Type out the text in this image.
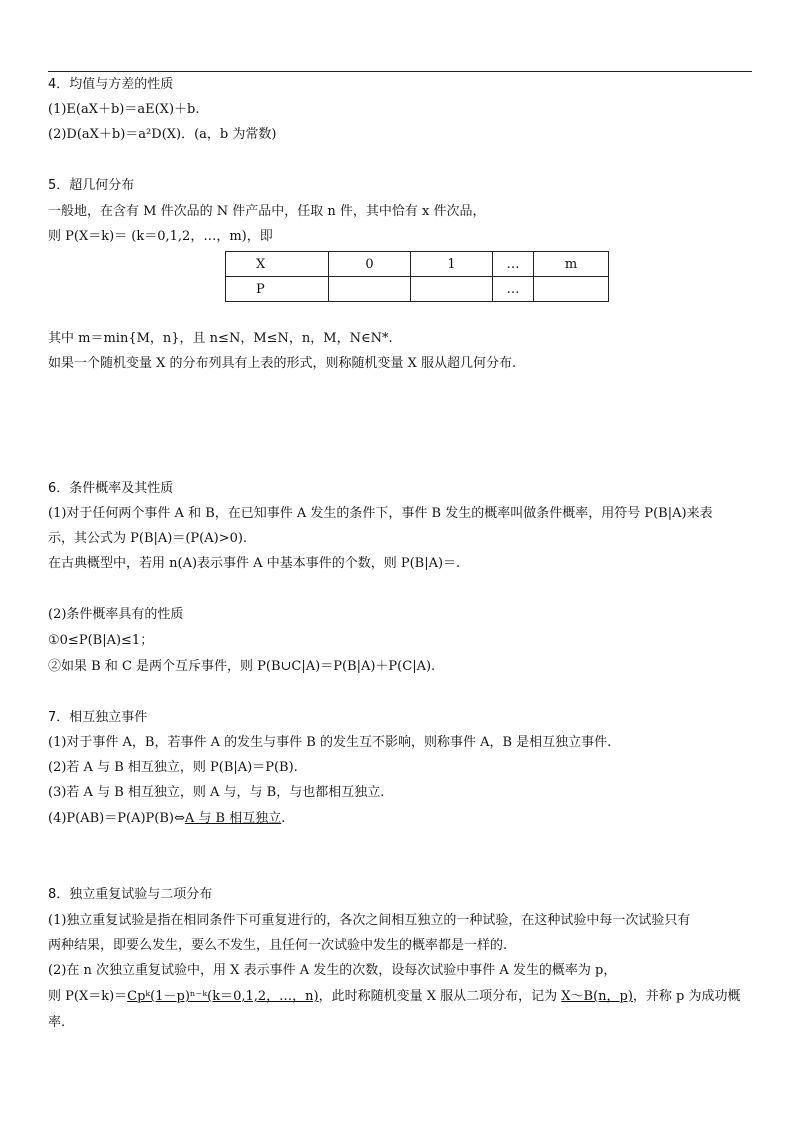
4．均值与方差的性质
(1)E(aX＋b)＝aE(X)＋b.
(2)D(aX＋b)＝a²D(X)．(a，b 为常数)
5．超几何分布
一般地，在含有 M 件次品的 N 件产品中，任取 n 件，其中恰有 x 件次品，
则 P(X＝k)＝ (k＝0,1,2，…，m)，即
X	0	1	…	m
P			…	
其中 m＝min{M，n}，且 n≤N，M≤N，n，M，N∈N*.
如果一个随机变量 X 的分布列具有上表的形式，则称随机变量 X 服从超几何分布.
6．条件概率及其性质
(1)对于任何两个事件 A 和 B，在已知事件 A 发生的条件下，事件 B 发生的概率叫做条件概率，用符号 P(B|A)来表
示，其公式为 P(B|A)＝(P(A)>0).
在古典概型中，若用 n(A)表示事件 A 中基本事件的个数，则 P(B|A)＝.
(2)条件概率具有的性质
①0≤P(B|A)≤1；
②如果 B 和 C 是两个互斥事件，则 P(B∪C|A)＝P(B|A)＋P(C|A).
7．相互独立事件
(1)对于事件 A，B，若事件 A 的发生与事件 B 的发生互不影响，则称事件 A，B 是相互独立事件.
(2)若 A 与 B 相互独立，则 P(B|A)＝P(B).
(3)若 A 与 B 相互独立，则 A 与，与 B，与也都相互独立.
(4)P(AB)＝P(A)P(B)⇔A 与 B 相互独立.
8．独立重复试验与二项分布
(1)独立重复试验是指在相同条件下可重复进行的，各次之间相互独立的一种试验，在这种试验中每一次试验只有
两种结果，即要么发生，要么不发生，且任何一次试验中发生的概率都是一样的.
(2)在 n 次独立重复试验中，用 X 表示事件 A 发生的次数，设每次试验中事件 A 发生的概率为 p，
则 P(X＝k)＝Cpᵏ(1－p)ⁿ⁻ᵏ(k＝0,1,2，…，n)，此时称随机变量 X 服从二项分布，记为 X～B(n，p)，并称 p 为成功概
率.
